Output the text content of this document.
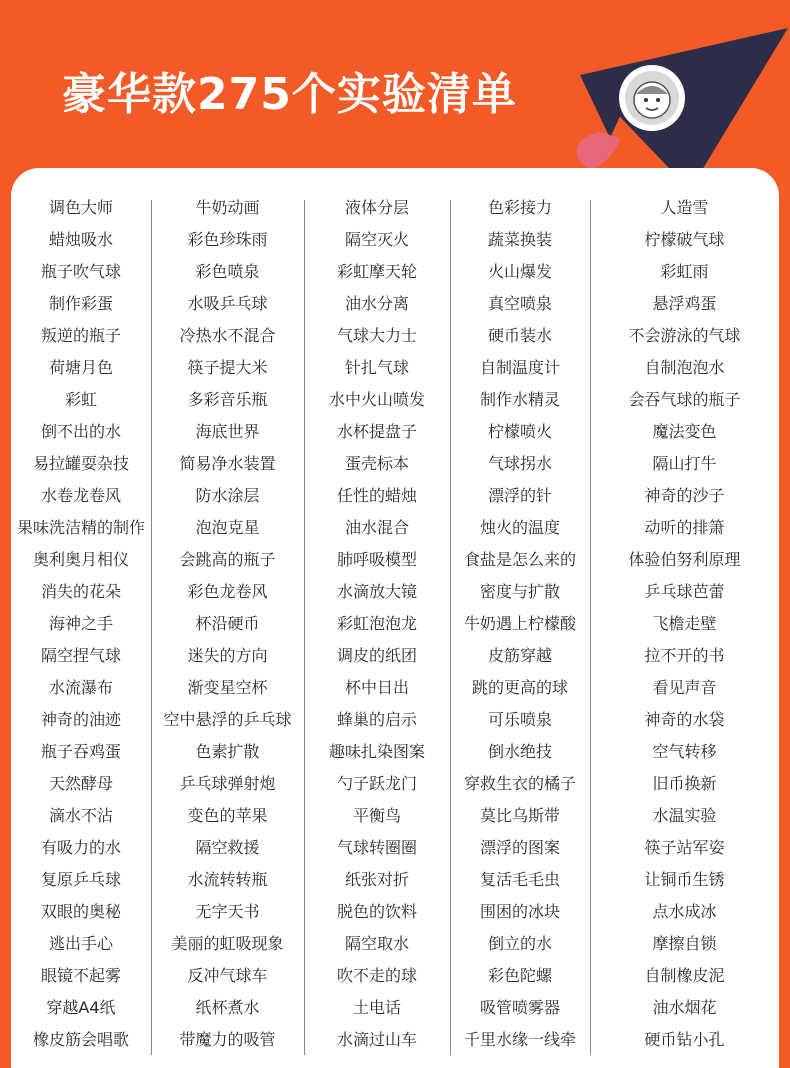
豪华款275个实验清单
调色大师
蜡烛吸水
瓶子吹气球
制作彩蛋
叛逆的瓶子
荷塘月色
彩虹
倒不出的水
易拉罐耍杂技
水卷龙卷风
果味洗洁精的制作
奥利奥月相仪
消失的花朵
海神之手
隔空捏气球
水流瀑布
神奇的油迹
瓶子吞鸡蛋
天然酵母
滴水不沾
有吸力的水
复原乒乓球
双眼的奥秘
逃出手心
眼镜不起雾
穿越A4纸
橡皮筋会唱歌
牛奶动画
彩色珍珠雨
彩色喷泉
水吸乒乓球
冷热水不混合
筷子提大米
多彩音乐瓶
海底世界
简易净水装置
防水涂层
泡泡克星
会跳高的瓶子
彩色龙卷风
杯沿硬币
迷失的方向
渐变星空杯
空中悬浮的乒乓球
色素扩散
乒乓球弹射炮
变色的苹果
隔空救援
水流转转瓶
无字天书
美丽的虹吸现象
反冲气球车
纸杯煮水
带魔力的吸管
液体分层
隔空灭火
彩虹摩天轮
油水分离
气球大力士
针扎气球
水中火山喷发
水杯提盘子
蛋壳标本
任性的蜡烛
油水混合
肺呼吸模型
水滴放大镜
彩虹泡泡龙
调皮的纸团
杯中日出
蜂巢的启示
趣味扎染图案
勺子跃龙门
平衡鸟
气球转圈圈
纸张对折
脱色的饮料
隔空取水
吹不走的球
土电话
水滴过山车
色彩接力
蔬菜换装
火山爆发
真空喷泉
硬币装水
自制温度计
制作水精灵
柠檬喷火
气球拐水
漂浮的针
烛火的温度
食盐是怎么来的
密度与扩散
牛奶遇上柠檬酸
皮筋穿越
跳的更高的球
可乐喷泉
倒水绝技
穿救生衣的橘子
莫比乌斯带
漂浮的图案
复活毛毛虫
围困的冰块
倒立的水
彩色陀螺
吸管喷雾器
千里水缘一线牵
人造雪
柠檬破气球
彩虹雨
悬浮鸡蛋
不会游泳的气球
自制泡泡水
会吞气球的瓶子
魔法变色
隔山打牛
神奇的沙子
动听的排箫
体验伯努利原理
乒乓球芭蕾
飞檐走壁
拉不开的书
看见声音
神奇的水袋
空气转移
旧币换新
水温实验
筷子站军姿
让铜币生锈
点水成冰
摩擦自锁
自制橡皮泥
油水烟花
硬币钻小孔
